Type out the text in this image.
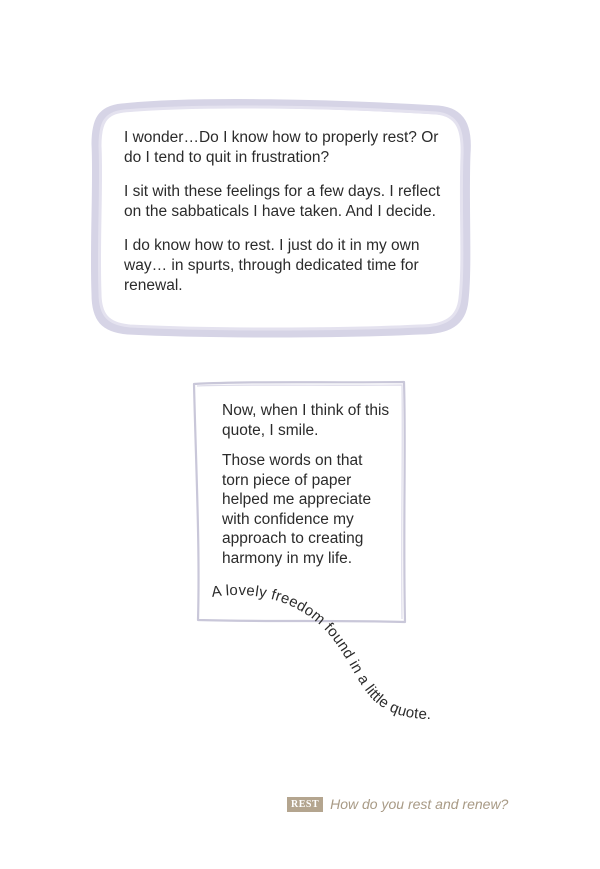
I wonder…Do I know how to properly rest? Or do I tend to quit in frustration?

I sit with these feelings for a few days. I reflect on the sabbaticals I have taken. And I decide.

I do know how to rest. I just do it in my own way… in spurts, through dedicated time for renewal.

Now, when I think of this quote, I smile.

Those words on that torn piece of paper helped me appreciate with confidence my approach to creating harmony in my life.

A lovely freedom found in a little quote.
REST How do you rest and renew?
